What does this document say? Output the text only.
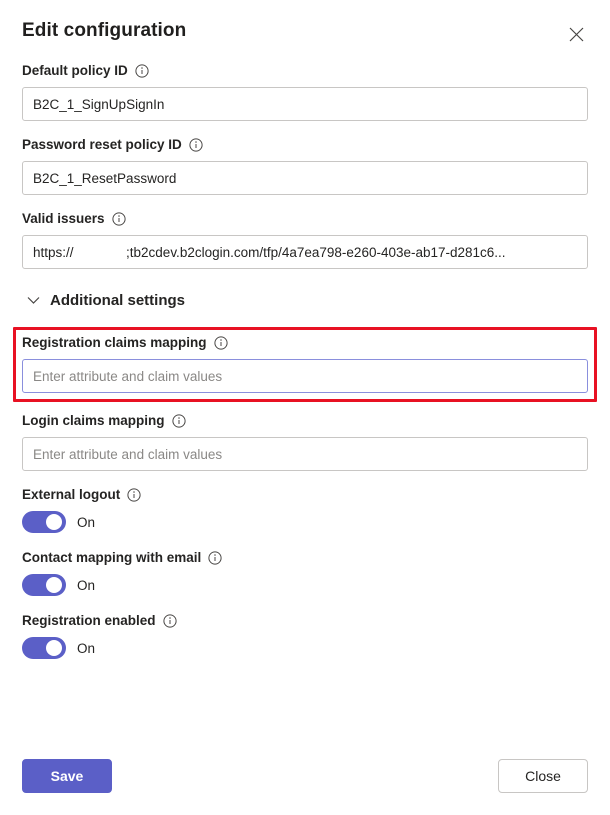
Edit configuration
Default policy ID
B2C_1_SignUpSignIn
Password reset policy ID
B2C_1_ResetPassword
Valid issuers
https:// ;tb2cdev.b2clogin.com/tfp/4a7ea798-e260-403e-ab17-d281c6...
Additional settings
Registration claims mapping
Enter attribute and claim values
Login claims mapping
Enter attribute and claim values
External logout
On
Contact mapping with email
On
Registration enabled
On
Save	Close
